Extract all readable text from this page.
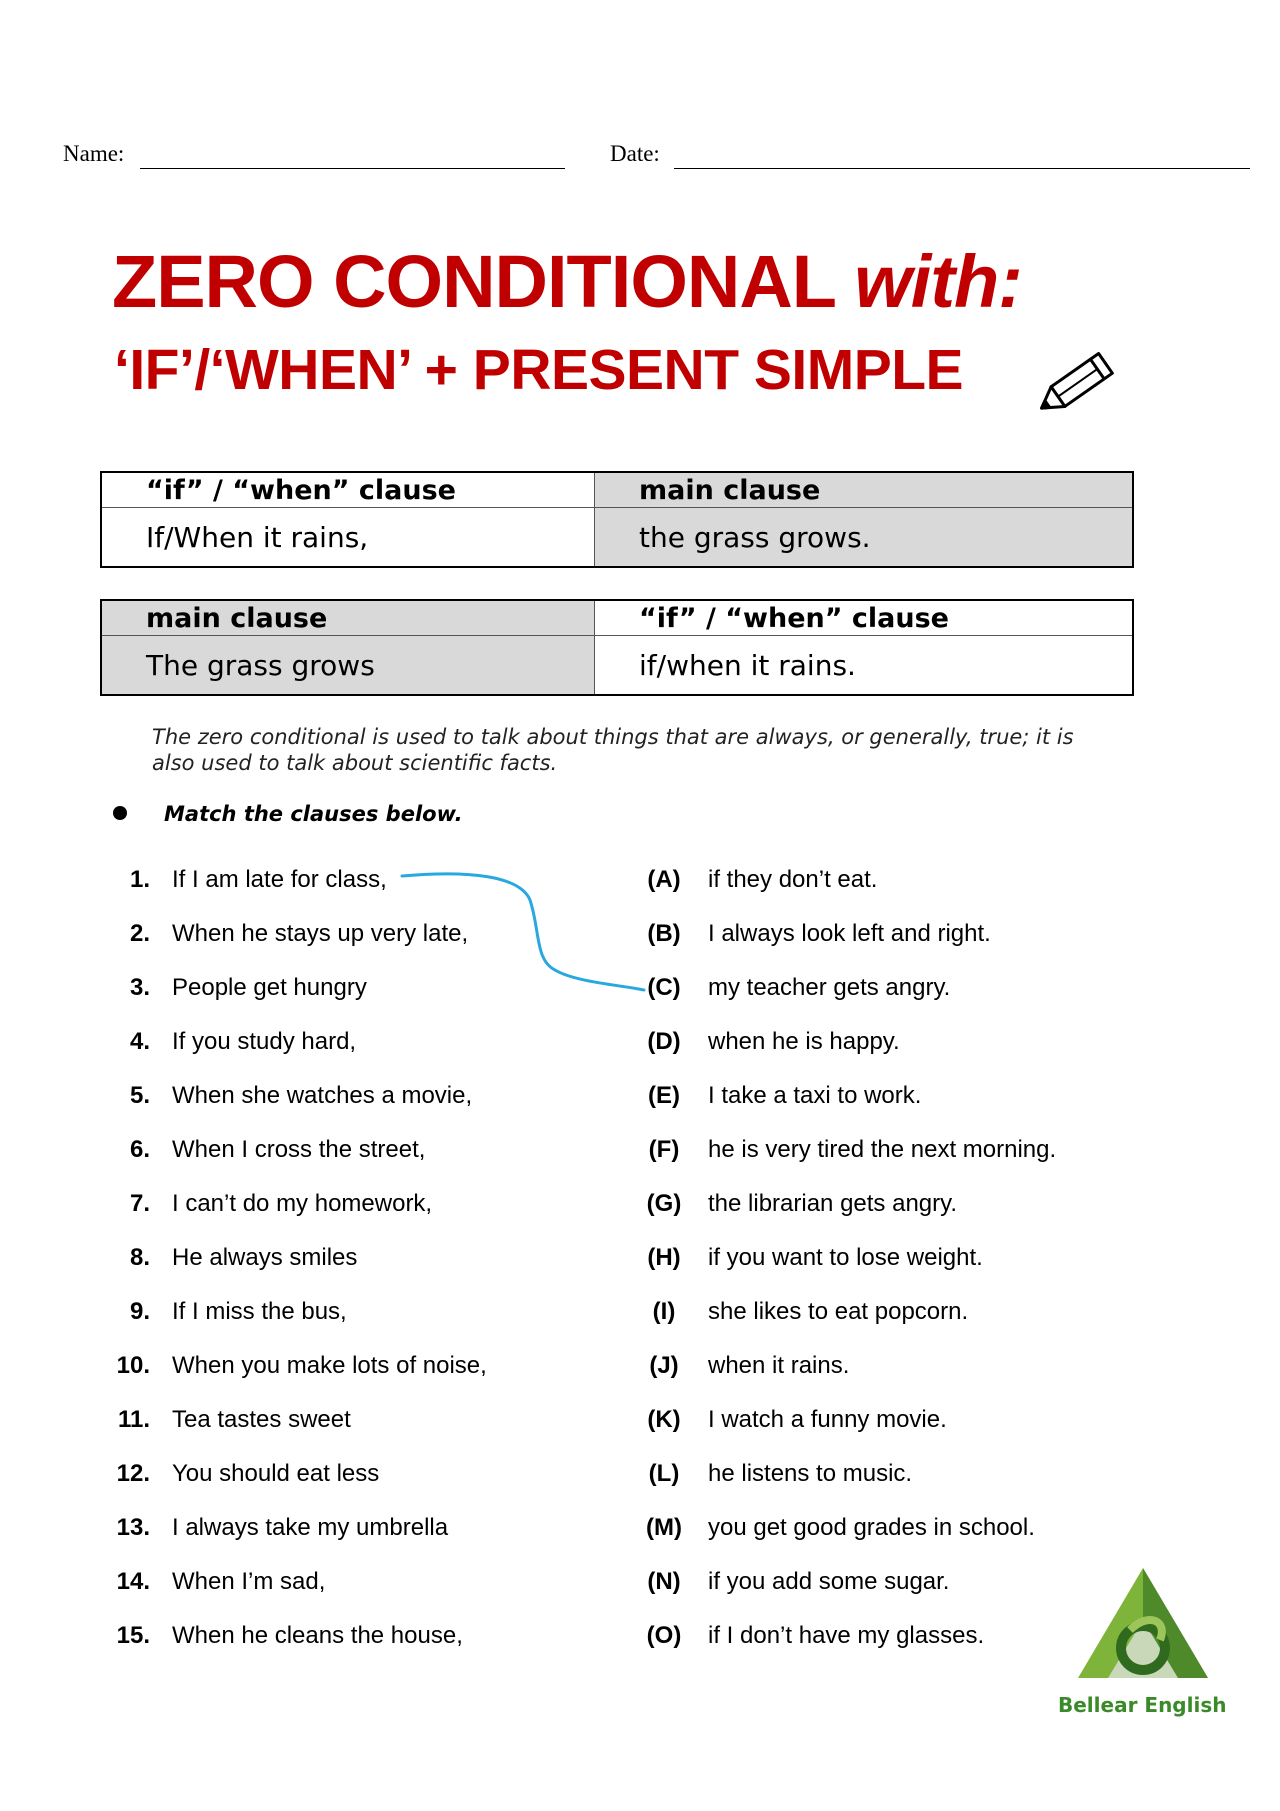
Name:	Date:
ZERO CONDITIONAL with:
‘IF’/‘WHEN’ + PRESENT SIMPLE
“if” / “when” clause	main clause
If/When it rains,	the grass grows.
main clause	“if” / “when” clause
The grass grows	if/when it rains.
The zero conditional is used to talk about things that are always, or generally, true; it is also used to talk about scientific facts.
Match the clauses below.
1. If I am late for class,
2. When he stays up very late,
3. People get hungry
4. If you study hard,
5. When she watches a movie,
6. When I cross the street,
7. I can’t do my homework,
8. He always smiles
9. If I miss the bus,
10. When you make lots of noise,
11. Tea tastes sweet
12. You should eat less
13. I always take my umbrella
14. When I’m sad,
15. When he cleans the house,
(A)	if they don’t eat.
(B)	I always look left and right.
(C)	my teacher gets angry.
(D)	when he is happy.
(E)	I take a taxi to work.
(F)	he is very tired the next morning.
(G) the librarian gets angry.
(H)	if you want to lose weight.
(I)	she likes to eat popcorn.
(J)	when it rains.
(K)	I watch a funny movie.
(L)	he listens to music.
(M) you get good grades in school.
(N)	if you add some sugar.
(O) if I don’t have my glasses.
Bellear English
